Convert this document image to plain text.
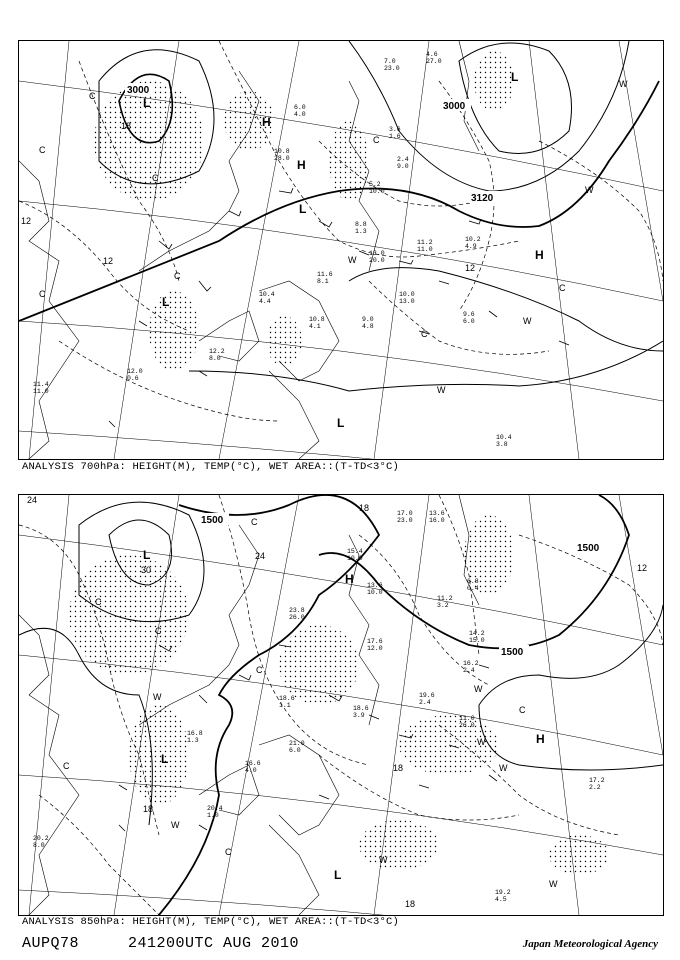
7.0
23.0
4.6
27.0
6.0
4.0
10.8
28.0
5.2
10.0
3.6
1.6
2.4
9.0
8.8
1.3
11.2
11.0
10.2
4.9
13.0
20.0
9.0
4.8
10.0
13.0
9.6
6.0
12.2
8.0
11.4
11.0
10.4
3.8
12.0
0.6
10.4
4.4
10.8
4.1
11.6
8.1
3000
3000
3120
18
12
12
12
L
H
L
H
L
L
H
L
C
C
C
C
W
W
W
C
C
W
C
C
W
ANALYSIS 700hPa: HEIGHT(M), TEMP(°C), WET AREA::(T-TD<3°C)
17.0
23.0
13.6
16.0
15.4
10.0
13.6
10.0
23.8
26.0
17.6
12.0
11.2
3.2
6.8
0.4
16.2
2.4
19.6
2.4
11.0
26.0
14.2
15.0
18.6
3.9
17.2
2.2
20.2
8.0
19.2
4.5
20.4
1.0
16.8
1.3	21.0
6.0
16.6
4.0
18.6
1.1
1500
1500
1500
24
30
24
18
18
18
18
12
L
H
L
H
L
C
C
C
W
W
C
C
W
W
W
W
C
W
C
ANALYSIS 850hPa: HEIGHT(M), TEMP(°C), WET AREA::(T-TD<3°C)
AUPQ78	241200UTC AUG 2010	Japan Meteorological Agency
